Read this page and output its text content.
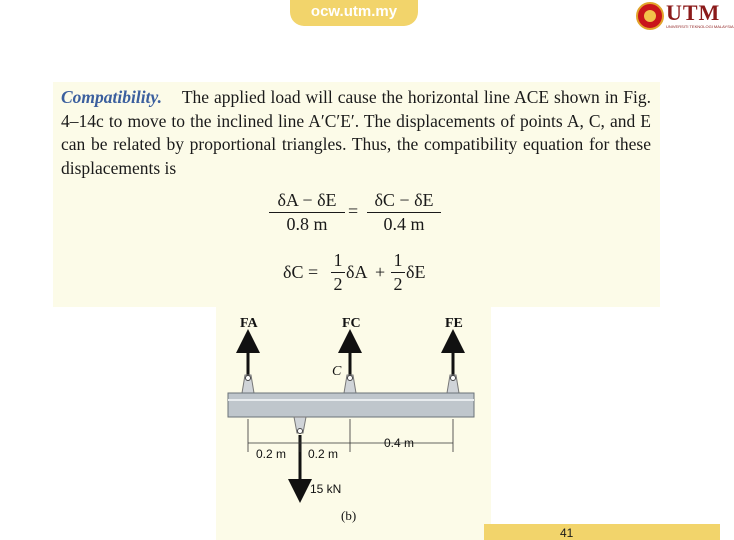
ocw.utm.my	UTM
UNIVERSITI TEKNOLOGI MALAYSIA
Compatibility. The applied load will cause the horizontal line ACE shown in Fig. 4–14c to move to the inclined line A′C′E′. The displacements of points A, C, and E can be related by proportional triangles. Thus, the compatibility equation for these displacements is
δA − δE
0.8 m
=
δC − δE
0.4 m
δC =
1
2
δA +
1
2
δE
FA	FC	FE
C
0.2 m 0.2 m
0.4 m
15 kN
(b)
41
